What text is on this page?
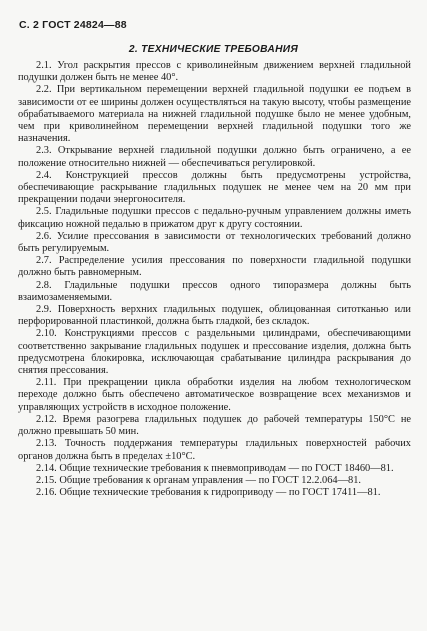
С. 2 ГОСТ 24824—88
2. ТЕХНИЧЕСКИЕ ТРЕБОВАНИЯ

2.1. Угол раскрытия прессов с криволинейным движением верхней гладильной подушки должен быть не менее 40°.

2.2. При вертикальном перемещении верхней гладильной подушки ее подъем в зависимости от ее ширины должен осуществляться на такую высоту, чтобы размещение обрабатываемого материала на нижней гладильной подушке было не менее удобным, чем при криволинейном перемещении верхней гладильной подушки того же назначения.

2.3. Открывание верхней гладильной подушки должно быть ограничено, а ее положение относительно нижней — обеспечиваться регулировкой.

2.4. Конструкцией прессов должны быть предусмотрены устройства, обеспечивающие раскрывание гладильных подушек не менее чем на 20 мм при прекращении подачи энергоносителя.

2.5. Гладильные подушки прессов с педально-ручным управлением должны иметь фиксацию ножной педалью в прижатом друг к другу состоянии.

2.6. Усилие прессования в зависимости от технологических требований должно быть регулируемым.

2.7. Распределение усилия прессования по поверхности гладильной подушки должно быть равномерным.

2.8. Гладильные подушки прессов одного типоразмера должны быть взаимозаменяемыми.

2.9. Поверхность верхних гладильных подушек, облицованная ситотканью или перфорированной пластинкой, должна быть гладкой, без складок.

2.10. Конструкциями прессов с раздельными цилиндрами, обеспечивающими соответственно закрывание гладильных подушек и прессование изделия, должна быть предусмотрена блокировка, исключающая срабатывание цилиндра раскрывания до снятия прессования.

2.11. При прекращении цикла обработки изделия на любом технологическом переходе должно быть обеспечено автоматическое возвращение всех механизмов и управляющих устройств в исходное положение.

2.12. Время разогрева гладильных подушек до рабочей температуры 150°С не должно превышать 50 мин.

2.13. Точность поддержания температуры гладильных поверхностей рабочих органов должна быть в пределах ±10°С.

2.14. Общие технические требования к пневмоприводам — по ГОСТ 18460—81.

2.15. Общие требования к органам управления — по ГОСТ 12.2.064—81.

2.16. Общие технические требования к гидроприводу — по ГОСТ 17411—81.
